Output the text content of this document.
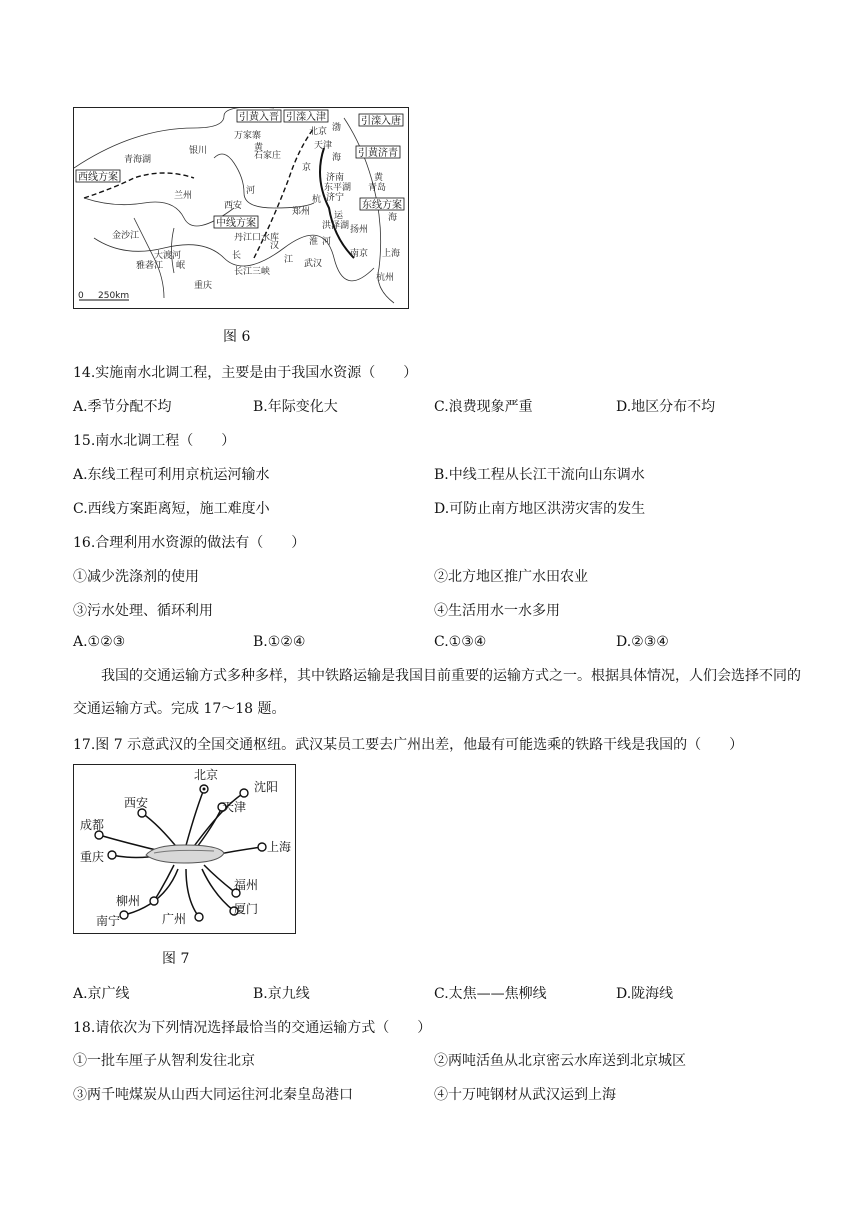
引黄入晋 引滦入津	引滦入唐
引黄济青
西线方案
中线方案
东线方案
青海湖
银川
万家寨
黄
石家庄
北京
天津
渤
海
济南
东平湖
济宁
青岛
黄
海
兰州
西安
郑州
河
洪泽湖 扬州
南京 上海
杭州
丹江口水库
汉
长	江 武汉
长江三峡
金沙江
雅砻江
大渡河
岷
重庆
京
杭
运
淮 河
0 250km
图 6
14.实施南水北调工程，主要是由于我国水资源（　　）
A.季节分配不均	B.年际变化大	C.浪费现象严重	D.地区分布不均
15.南水北调工程（　　）
A.东线工程可利用京杭运河输水	B.中线工程从长江干流向山东调水
C.西线方案距离短，施工难度小	D.可防止南方地区洪涝灾害的发生
16.合理利用水资源的做法有（　　）
①减少洗涤剂的使用	②北方地区推广水田农业
③污水处理、循环利用	④生活用水一水多用
A.①②③	B.①②④	C.①③④	D.②③④
我国的交通运输方式多种多样，其中铁路运输是我国目前重要的运输方式之一。根据具体情况，人们会选择不同的交通运输方式。完成 17～18 题。
17.图 7 示意武汉的全国交通枢纽。武汉某员工要去广州出差，他最有可能选乘的铁路干线是我国的（　　）
北京
沈阳
西安	天津
成都
重庆
上海
柳州
福州
南宁	广州
厦门
图 7
A.京广线	B.京九线	C.太焦——焦柳线	D.陇海线
18.请依次为下列情况选择最恰当的交通运输方式（　　）
①一批车厘子从智利发往北京	②两吨活鱼从北京密云水库送到北京城区
③两千吨煤炭从山西大同运往河北秦皇岛港口	④十万吨钢材从武汉运到上海
